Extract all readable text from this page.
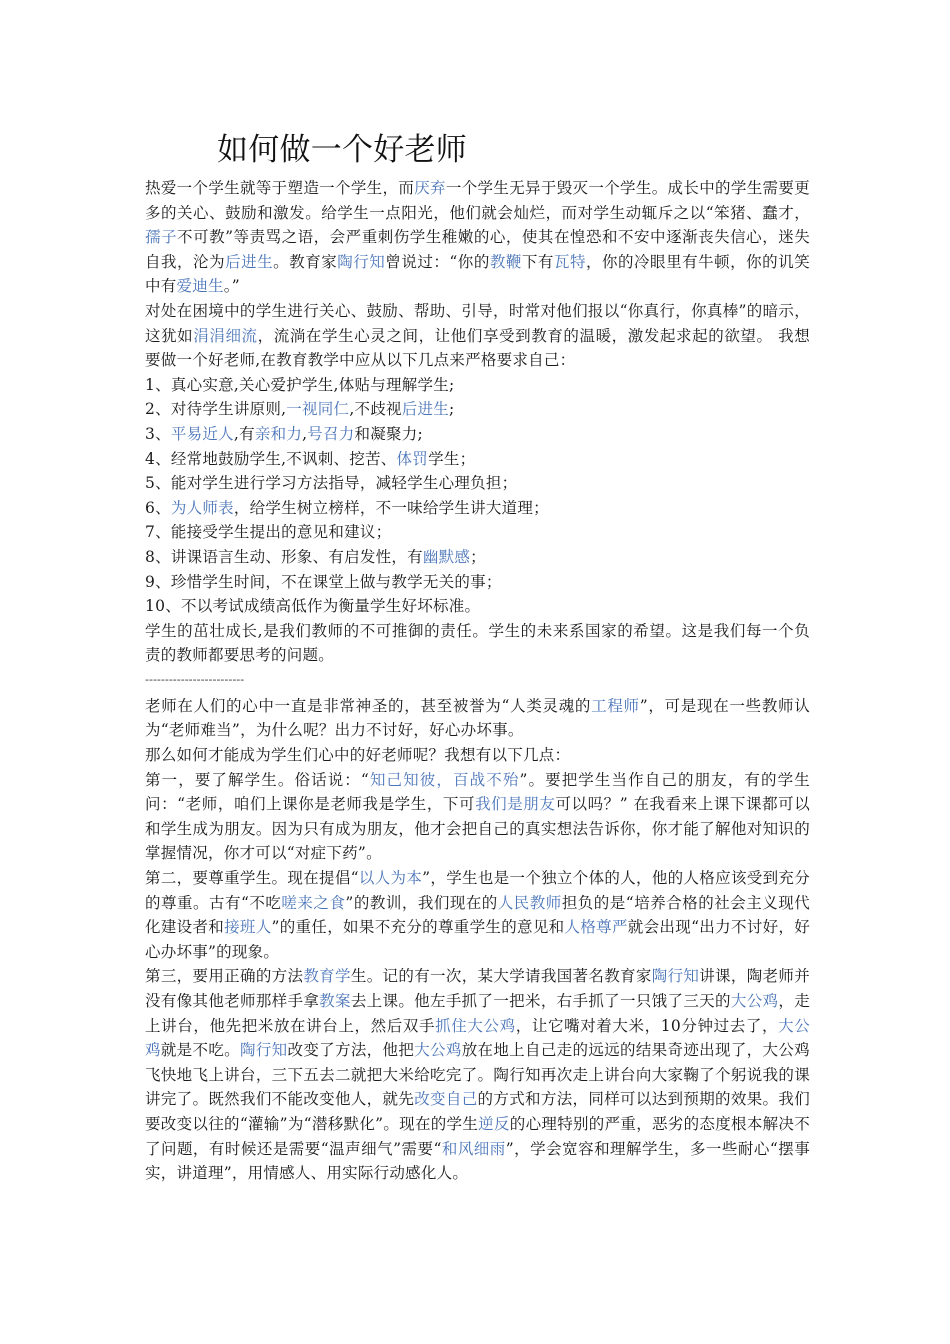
如何做一个好老师

热爱一个学生就等于塑造一个学生，而厌弃一个学生无异于毁灭一个学生。成长中的学生需要更多的关心、鼓励和激发。给学生一点阳光，他们就会灿烂，而对学生动辄斥之以“笨猪、蠢才，孺子不可教”等责骂之语，会严重刺伤学生稚嫩的心，使其在惶恐和不安中逐渐丧失信心，迷失自我，沦为后进生。教育家陶行知曾说过：“你的教鞭下有瓦特，你的冷眼里有牛顿，你的讥笑中有爱迪生。”

对处在困境中的学生进行关心、鼓励、帮助、引导，时常对他们报以“你真行，你真棒”的暗示，这犹如涓涓细流，流淌在学生心灵之间，让他们享受到教育的温暖，激发起求起的欲望。 我想要做一个好老师,在教育教学中应从以下几点来严格要求自己：

1、真心实意,关心爱护学生,体贴与理解学生;

2、对待学生讲原则,一视同仁,不歧视后进生;

3、平易近人,有亲和力,号召力和凝聚力;

4、经常地鼓励学生,不讽刺、挖苦、体罚学生；

5、能对学生进行学习方法指导，减轻学生心理负担；

6、为人师表，给学生树立榜样，不一味给学生讲大道理；

7、能接受学生提出的意见和建议；

8、讲课语言生动、形象、有启发性，有幽默感；

9、珍惜学生时间，不在课堂上做与教学无关的事；

10、不以考试成绩高低作为衡量学生好坏标准。

学生的茁壮成长,是我们教师的不可推御的责任。学生的未来系国家的希望。这是我们每一个负责的教师都要思考的问题。

-------------------------

老师在人们的心中一直是非常神圣的，甚至被誉为“人类灵魂的工程师”，可是现在一些教师认为“老师难当”，为什么呢？出力不讨好，好心办坏事。

那么如何才能成为学生们心中的好老师呢？我想有以下几点：

第一，要了解学生。俗话说：“知己知彼，百战不殆”。要把学生当作自己的朋友，有的学生问：“老师，咱们上课你是老师我是学生，下可我们是朋友可以吗？” 在我看来上课下课都可以和学生成为朋友。因为只有成为朋友，他才会把自己的真实想法告诉你，你才能了解他对知识的掌握情况，你才可以“对症下药”。

第二，要尊重学生。现在提倡“以人为本”，学生也是一个独立个体的人，他的人格应该受到充分的尊重。古有“不吃嗟来之食”的教训，我们现在的人民教师担负的是“培养合格的社会主义现代化建设者和接班人”的重任，如果不充分的尊重学生的意见和人格尊严就会出现“出力不讨好，好心办坏事”的现象。

第三，要用正确的方法教育学生。记的有一次，某大学请我国著名教育家陶行知讲课，陶老师并没有像其他老师那样手拿教案去上课。他左手抓了一把米，右手抓了一只饿了三天的大公鸡，走上讲台，他先把米放在讲台上，然后双手抓住大公鸡，让它嘴对着大米，10分钟过去了，大公鸡就是不吃。陶行知改变了方法，他把大公鸡放在地上自己走的远远的结果奇迹出现了，大公鸡飞快地飞上讲台，三下五去二就把大米给吃完了。陶行知再次走上讲台向大家鞠了个躬说我的课讲完了。既然我们不能改变他人，就先改变自己的方式和方法，同样可以达到预期的效果。我们要改变以往的“灌输”为“潜移默化”。现在的学生逆反的心理特别的严重，恶劣的态度根本解决不了问题，有时候还是需要“温声细气”需要“和风细雨”，学会宽容和理解学生，多一些耐心“摆事实，讲道理”，用情感人、用实际行动感化人。
